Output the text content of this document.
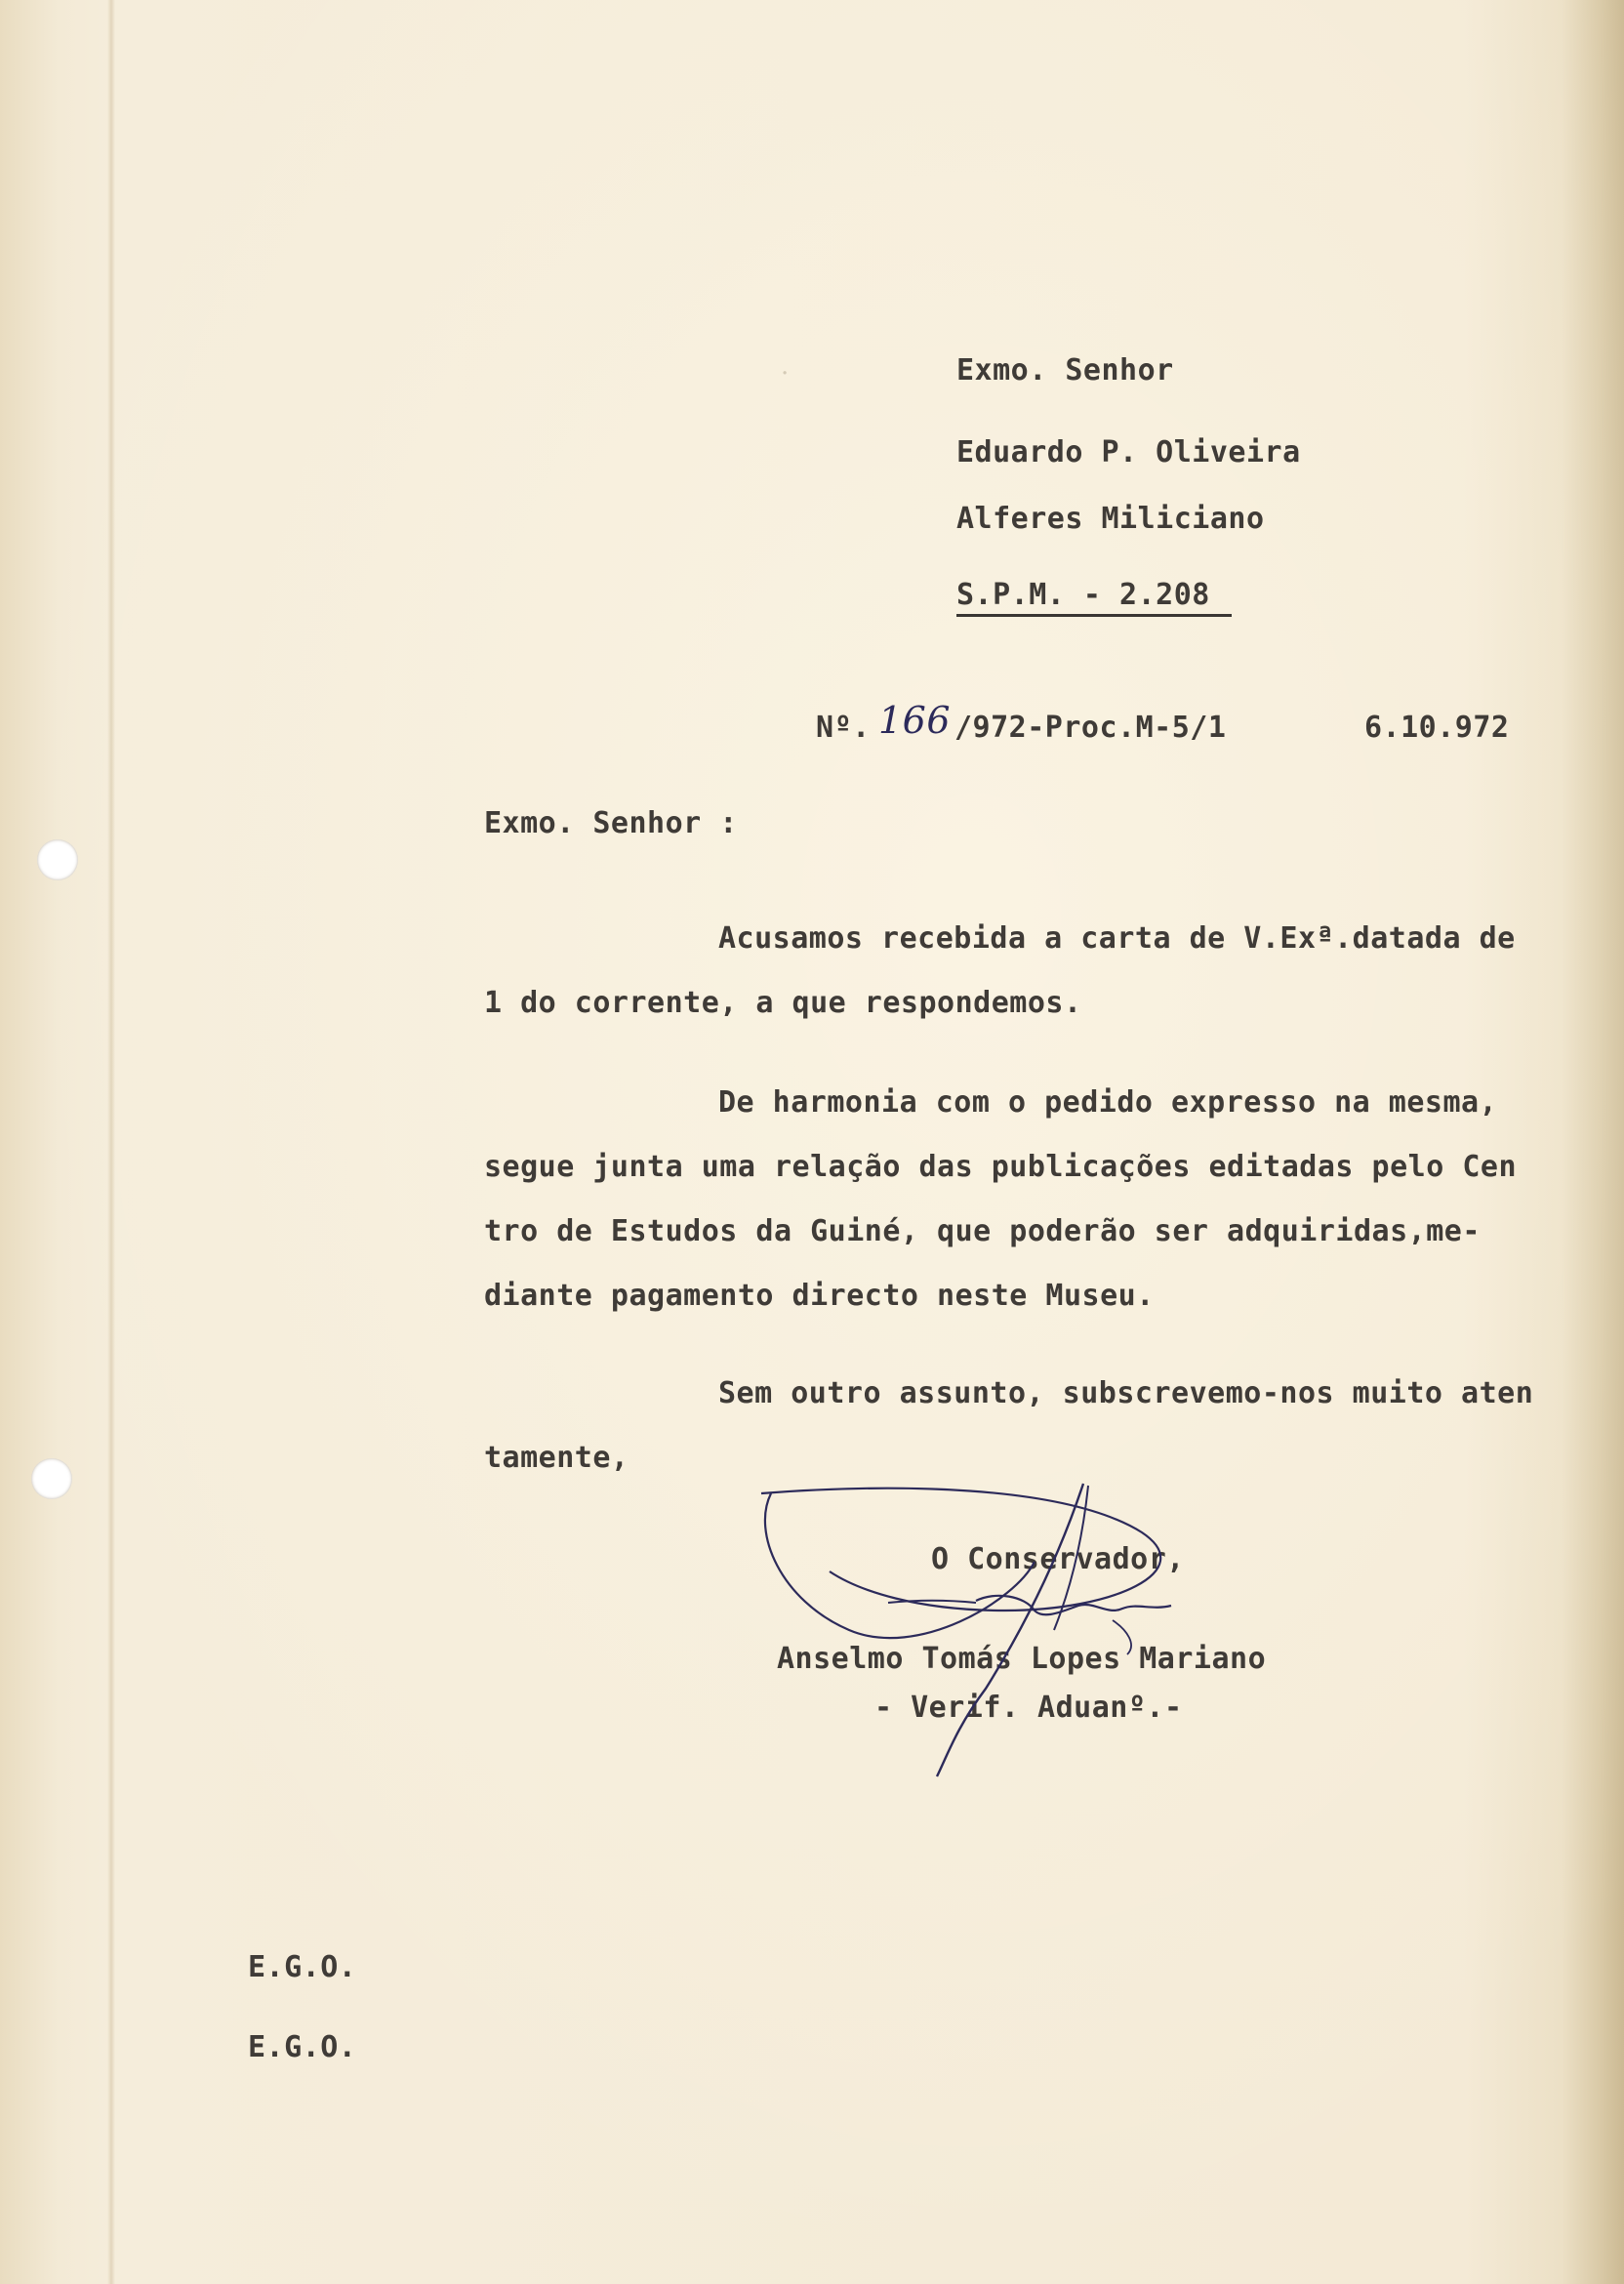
·	Exmo. Senhor
Eduardo P. Oliveira
Alferes Miliciano
S.P.M. - 2.208
Nº. 166 /972-Proc.M-5/1	6.10.972
Exmo. Senhor :
Acusamos recebida a carta de V.Exª.datada de
1 do corrente, a que respondemos.
De harmonia com o pedido expresso na mesma,
segue junta uma relação das publicações editadas pelo Cen
tro de Estudos da Guiné, que poderão ser adquiridas,me-
diante pagamento directo neste Museu.
Sem outro assunto, subscrevemo-nos muito aten
tamente,
O Conservador,
Anselmo Tomás Lopes Mariano
- Verif. Aduanº.-
E.G.O.
E.G.O.
